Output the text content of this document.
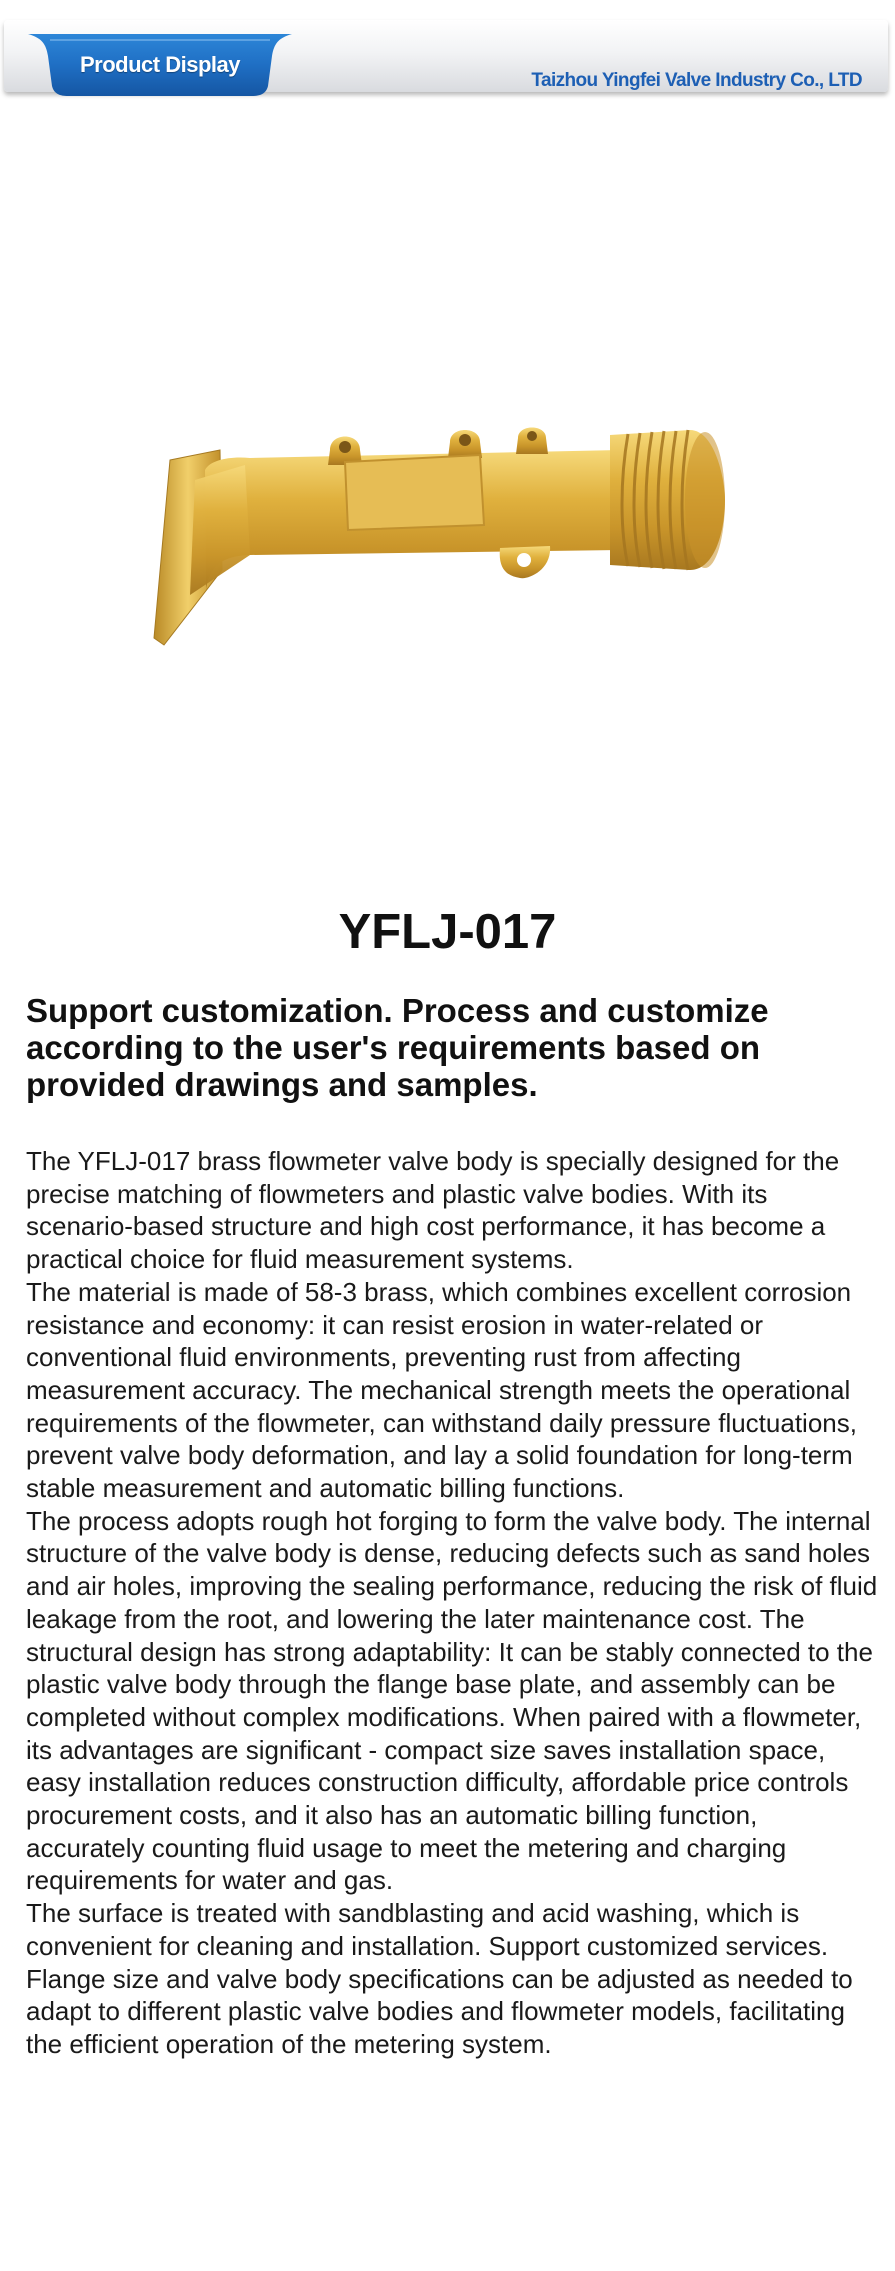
Product Display
Taizhou Yingfei Valve Industry Co., LTD
YFLJ-017
Support customization. Process and customize according to the user's requirements based on provided drawings and samples.

The YFLJ-017 brass flowmeter valve body is specially designed for the precise matching of flowmeters and plastic valve bodies. With its scenario-based structure and high cost performance, it has become a practical choice for fluid measurement systems.

The material is made of 58-3 brass, which combines excellent corrosion resistance and economy: it can resist erosion in water-related or conventional fluid environments, preventing rust from affecting measurement accuracy. The mechanical strength meets the operational requirements of the flowmeter, can withstand daily pressure fluctuations, prevent valve body deformation, and lay a solid foundation for long-term stable measurement and automatic billing functions.

The process adopts rough hot forging to form the valve body. The internal structure of the valve body is dense, reducing defects such as sand holes and air holes, improving the sealing performance, reducing the risk of fluid leakage from the root, and lowering the later maintenance cost. The structural design has strong adaptability: It can be stably connected to the plastic valve body through the flange base plate, and assembly can be completed without complex modifications. When paired with a flowmeter, its advantages are significant - compact size saves installation space, easy installation reduces construction difficulty, affordable price controls procurement costs, and it also has an automatic billing function, accurately counting fluid usage to meet the metering and charging requirements for water and gas.

The surface is treated with sandblasting and acid washing, which is convenient for cleaning and installation. Support customized services. Flange size and valve body specifications can be adjusted as needed to adapt to different plastic valve bodies and flowmeter models, facilitating the efficient operation of the metering system.
